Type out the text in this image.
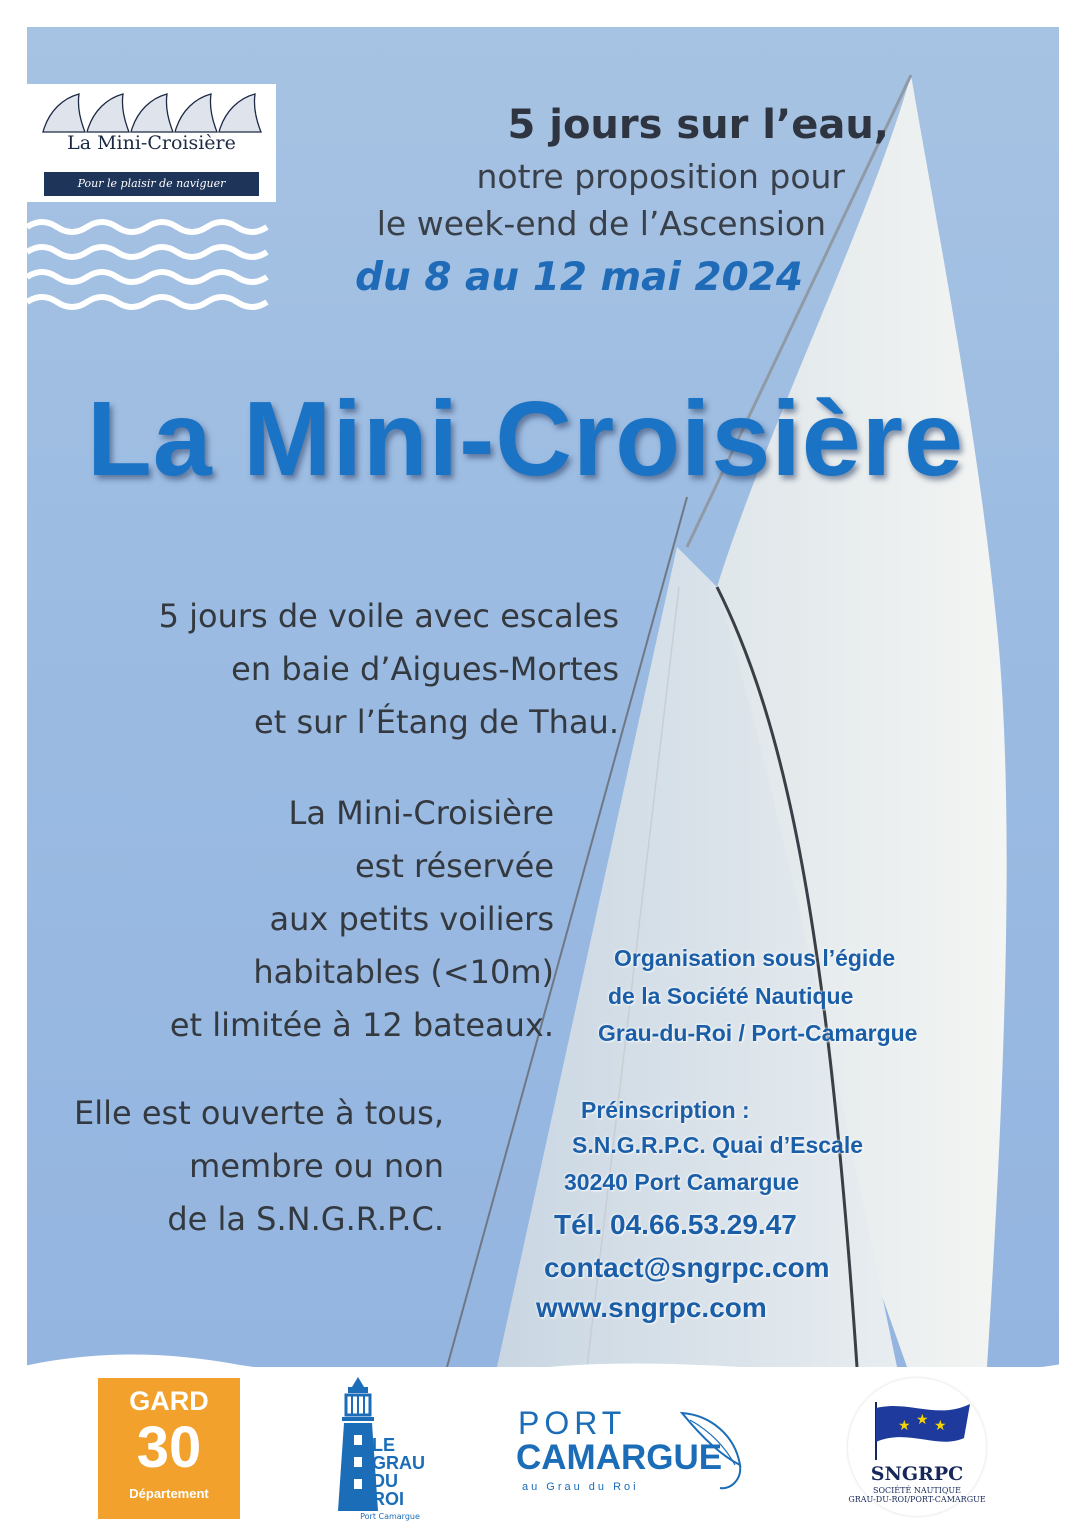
La Mini-Croisière
Pour le plaisir de naviguer
5 jours sur l’eau,
notre proposition pour
le week-end de l’Ascension
du 8 au 12 mai 2024
La Mini-Croisière
5 jours de voile avec escales
en baie d’Aigues-Mortes
et sur l’Étang de Thau.
La Mini-Croisière
est réservée
aux petits voiliers
habitables (<10m)
et limitée à 12 bateaux.
Elle est ouverte à tous,
membre ou non
de la S.N.G.R.P.C.
Organisation sous l’égide
de la Société Nautique
Grau-du-Roi / Port-Camargue
Préinscription :
S.N.G.R.P.C. Quai d’Escale
30240 Port Camargue
Tél. 04.66.53.29.47
contact@sngrpc.com
www.sngrpc.com
GARD
30
Département
LE
GRAU
DU
ROI
Port Camargue
PORT
CAMARGUE
au Grau du Roi
★ ★ ★
SNGRPC
SOCIÉTÉ NAUTIQUE
GRAU-DU-ROI/PORT-CAMARGUE
